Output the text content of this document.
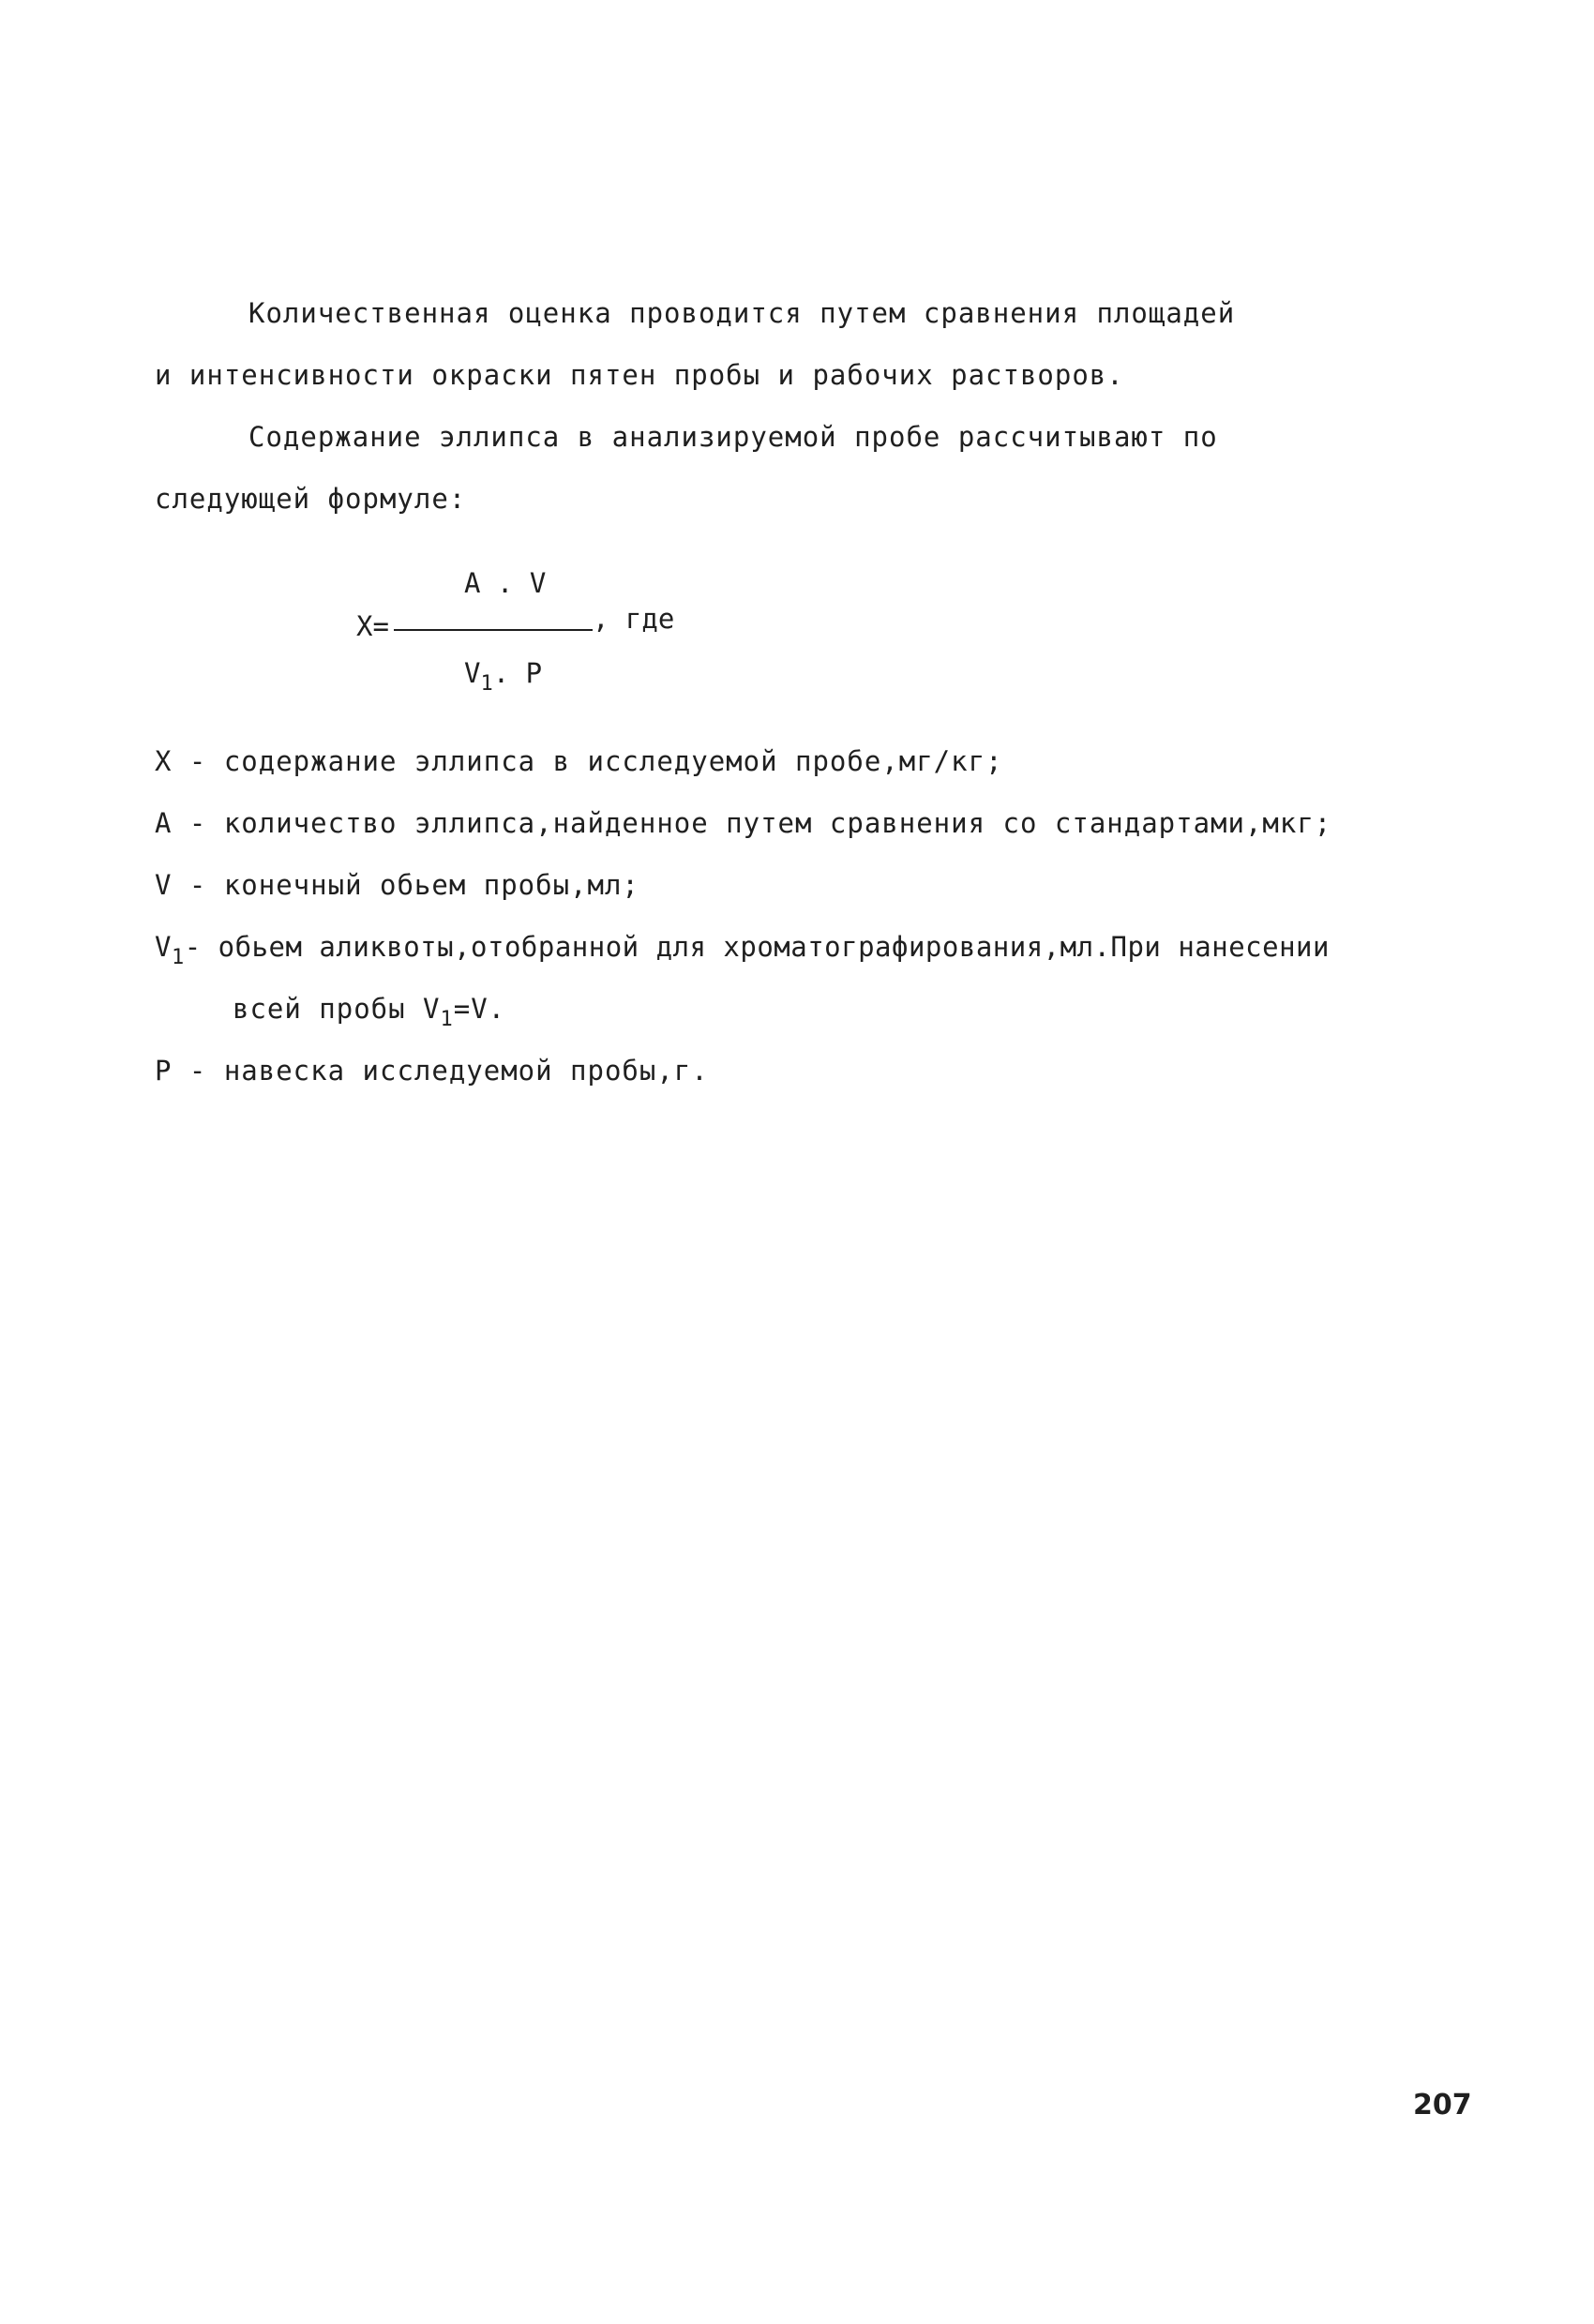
Количественная оценка проводится путем сравнения площадей
и интенсивности окраски пятен пробы и рабочих растворов.
Содержание эллипса в анализируемой пробе рассчитывают по
следующей формуле:
A . V
X=	, где
$V_1$. P
X - содержание эллипса в исследуемой пробе,мг/кг;
A - количество эллипса,найденное путем сравнения со стандартами,мкг;
V - конечный обьем пробы,мл;
$V_1-$ обьем аликвоты,отобранной для хроматографирования,мл.При нанесении
всей пробы $V_1=V$.
P - навеска исследуемой пробы,г.
207
